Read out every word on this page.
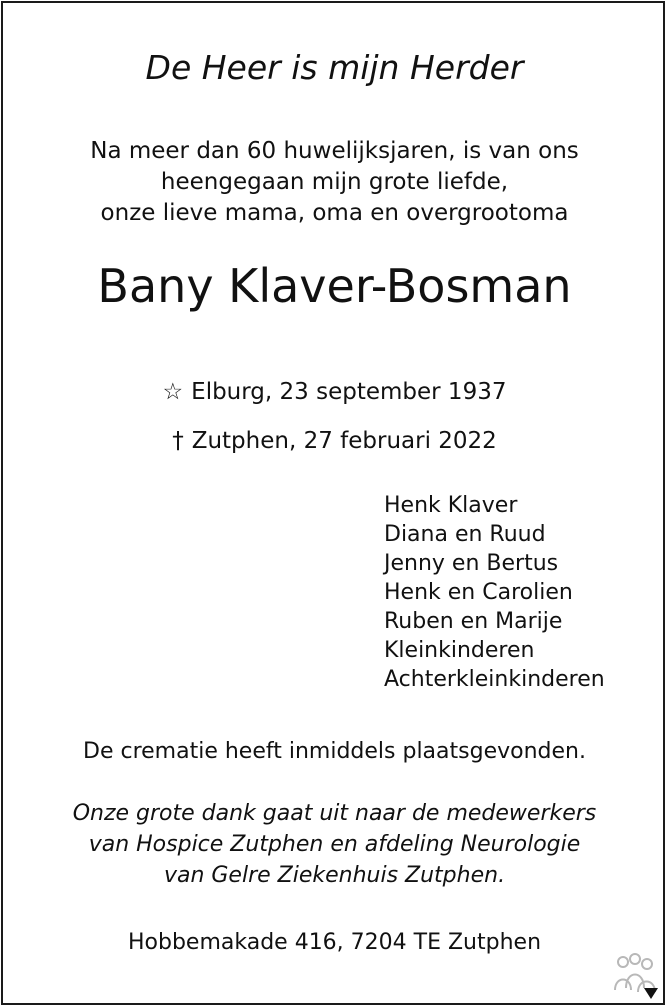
De Heer is mijn Herder
Na meer dan 60 huwelijksjaren, is van ons
heengegaan mijn grote liefde,
onze lieve mama, oma en overgrootoma
Bany Klaver-Bosman
☆ Elburg, 23 september 1937
† Zutphen, 27 februari 2022
Henk Klaver
Diana en Ruud
Jenny en Bertus
Henk en Carolien
Ruben en Marije
Kleinkinderen
Achterkleinkinderen
De crematie heeft inmiddels plaatsgevonden.
Onze grote dank gaat uit naar de medewerkers
van Hospice Zutphen en afdeling Neurologie
van Gelre Ziekenhuis Zutphen.
Hobbemakade 416, 7204 TE Zutphen
